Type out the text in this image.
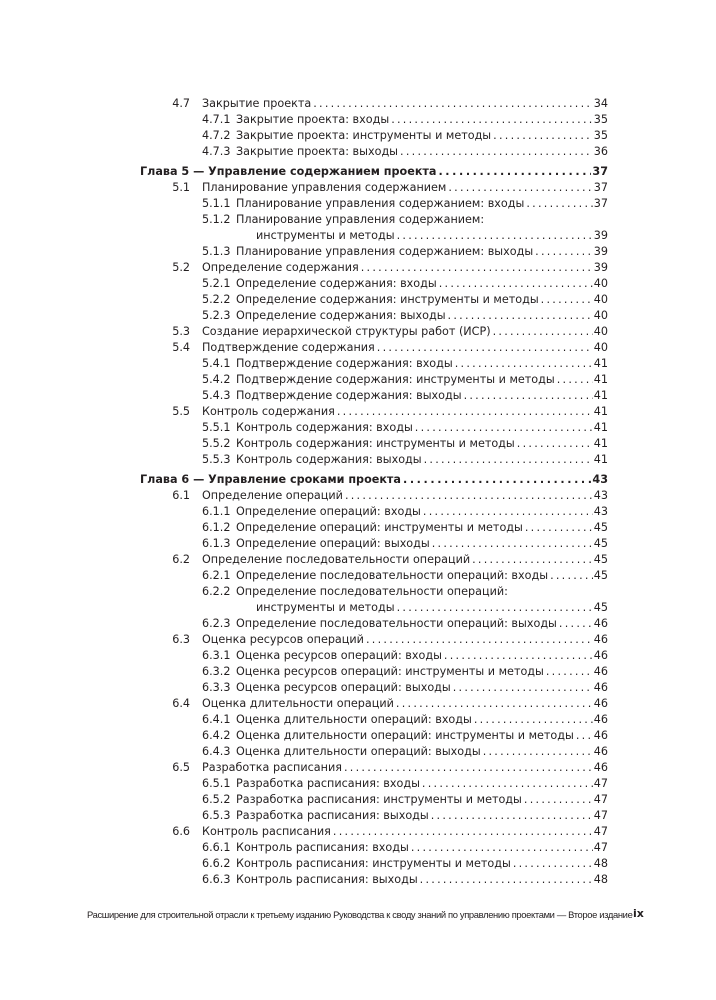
4.7	Закрытие проекта . . .	34
4.7.1 Закрытие проекта: входы . . .	35
4.7.2 Закрытие проекта: инструменты и методы . . .	35
4.7.3 Закрытие проекта: выходы . . .	36
Глава 5 — Управление содержанием проекта . . .	37
5.1	Планирование управления содержанием . . .	37
5.1.1 Планирование управления содержанием: входы . . .	37
5.1.2 Планирование управления содержанием:
инструменты и методы . . .	39
5.1.3 Планирование управления содержанием: выходы . . .	39
5.2	Определение содержания . . .	39
5.2.1 Определение содержания: входы . . .	40
5.2.2 Определение содержания: инструменты и методы . . .	40
5.2.3 Определение содержания: выходы . . .	40
5.3	Создание иерархической структуры работ (ИСР) . . .	40
5.4	Подтверждение содержания . . .	40
5.4.1 Подтверждение содержания: входы . . .	41
5.4.2 Подтверждение содержания: инструменты и методы . . .	41
5.4.3 Подтверждение содержания: выходы . . .	41
5.5	Контроль содержания . . .	41
5.5.1 Контроль содержания: входы . . .	41
5.5.2 Контроль содержания: инструменты и методы . . .	41
5.5.3 Контроль содержания: выходы . . .	41
Глава 6 — Управление сроками проекта . . .	43
6.1	Определение операций . . .	43
6.1.1 Определение операций: входы . . .	43
6.1.2 Определение операций: инструменты и методы . . .	45
6.1.3 Определение операций: выходы . . .	45
6.2	Определение последовательности операций . . .	45
6.2.1 Определение последовательности операций: входы . . .	45
6.2.2 Определение последовательности операций:
инструменты и методы . . .	45
6.2.3 Определение последовательности операций: выходы . . .	46
6.3	Оценка ресурсов операций . . .	46
6.3.1 Оценка ресурсов операций: входы . . .	46
6.3.2 Оценка ресурсов операций: инструменты и методы . . .	46
6.3.3 Оценка ресурсов операций: выходы . . .	46
6.4	Оценка длительности операций . . .	46
6.4.1 Оценка длительности операций: входы . . .	46
6.4.2 Оценка длительности операций: инструменты и методы . . . 46
6.4.3 Оценка длительности операций: выходы . . .	46
6.5	Разработка расписания . . .	46
6.5.1 Разработка расписания: входы . . .	47
6.5.2 Разработка расписания: инструменты и методы . . .	47
6.5.3 Разработка расписания: выходы . . .	47
6.6	Контроль расписания . . .	47
6.6.1 Контроль расписания: входы . . .	47
6.6.2 Контроль расписания: инструменты и методы . . .	48
6.6.3 Контроль расписания: выходы . . .	48
Расширение для строительной отрасли к третьему изданию Руководства к своду знаний по управлению проектами — Второе издание ix
